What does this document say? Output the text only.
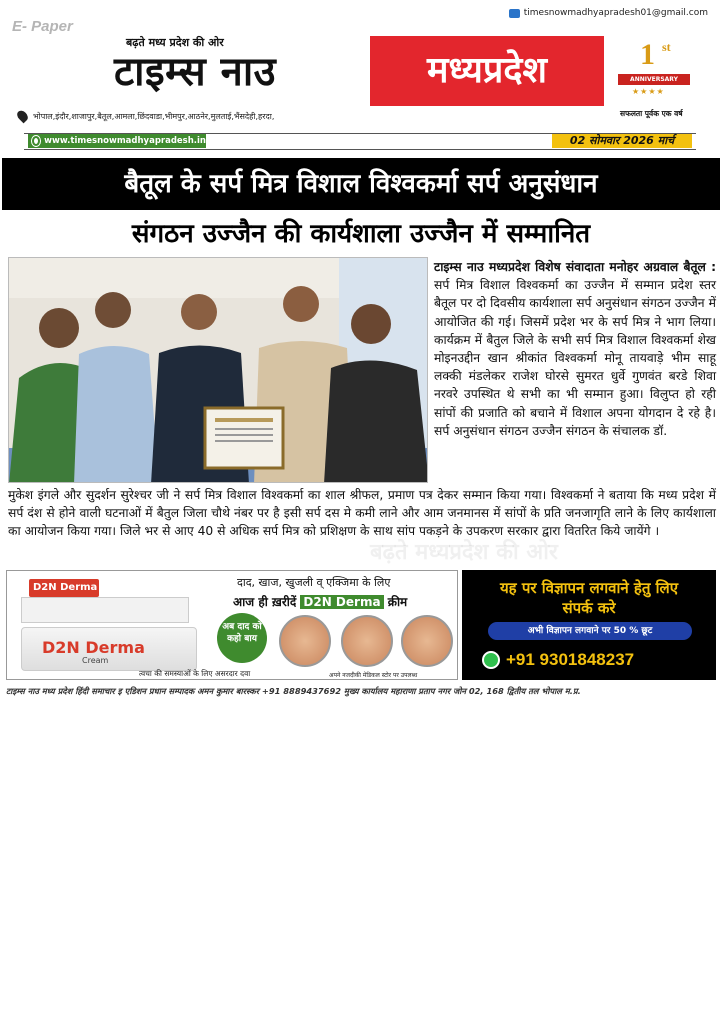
E- Paper
timesnowmadhyapradesh01@gmail.com
बढ़ते मध्य प्रदेश की ओर
टाइम्स नाउ	मध्यप्रदेश	1 st
ANNIVERSARY
★★★★
सफलता पूर्वक एक वर्ष
भोपाल,इंदौर,शाजापुर,बैतूल,आमला,छिंदवाडा,भीमपुर,आठनेर,मुलताई,भैंसदेही,हरदा,
www.timesnowmadhyapradesh.in	02 सोमवार 2026 मार्च
बैतूल के सर्प मित्र विशाल विश्वकर्मा सर्प अनुसंधान
संगठन उज्जैन की कार्यशाला उज्जैन में सम्मानित
टाइम्स नाउ मध्यप्रदेश विशेष संवादाता मनोहर अग्रवाल बैतूल : सर्प मित्र विशाल विश्वकर्मा का उज्जैन में सम्मान प्रदेश स्तर बैतूल पर दो दिवसीय कार्यशाला सर्प अनुसंधान संगठन उज्जैन में आयोजित की गई। जिसमें प्रदेश भर के सर्प मित्र ने भाग लिया। कार्यक्रम में बैतुल जिले के सभी सर्प मित्र विशाल विश्वकर्मा शेख मोइनउद्दीन खान श्रीकांत विश्वकर्मा मोनू तायवाड़े भीम साहू लक्की मंडलेकर राजेश घोरसे सुमरत धुर्वे गुणवंत बरडे शिवा नरवरे उपस्थित थे सभी का भी सम्मान हुआ। विलुप्त हो रही सांपों की प्रजाति को बचाने में विशाल अपना योगदान दे रहे है। सर्प अनुसंधान संगठन उज्जैन संगठन के संचालक डॉ.
बढ़ते मध्यप्रदेश की ओर
मुकेश इंगले और सुदर्शन सुरेश्चर जी ने सर्प मित्र विशाल विश्वकर्मा का शाल श्रीफल, प्रमाण पत्र देकर सम्मान किया गया। विश्वकर्मा ने बताया कि मध्य प्रदेश में सर्प दंश से होने वाली घटनाओं में बैतुल जिला चौथे नंबर पर है इसी सर्प दस मे कमी लाने और आम जनमानस में सांपों के प्रति जनजागृति लाने के लिए कार्यशाला का आयोजन किया गया। जिले भर से आए 40 से अधिक सर्प मित्र को प्रशिक्षण के साथ सांप पकड़ने के उपकरण सरकार द्वारा वितरित किये जायेंगे ।
D2N Derma
D2N Derma
Cream
दाद, खाज, खुजली व् एक्जिमा के लिए
आज ही ख़रीदें D2N Derma क्रीम
अब दाद को कहो बाय
त्वचा की समस्याओं के लिए असरदार दवा	अपने नजदीकी मेडिकल स्टोर पर उपलब्ध
यह पर विज्ञापन लगवाने हेतु लिए
संपर्क करे
अभी विज्ञापन लगवाने पर 50 % छूट
+91 9301848237
टाइम्स नाउ मध्य प्रदेश हिंदी समाचार इ एडिशन प्रधान सम्पादक अमन कुमार बारस्कर +91 8889437692 मुख्य कार्यालय महाराणा प्रताप नगर जोन 02, 168 द्वितीय तल भोपाल म.प्र.
